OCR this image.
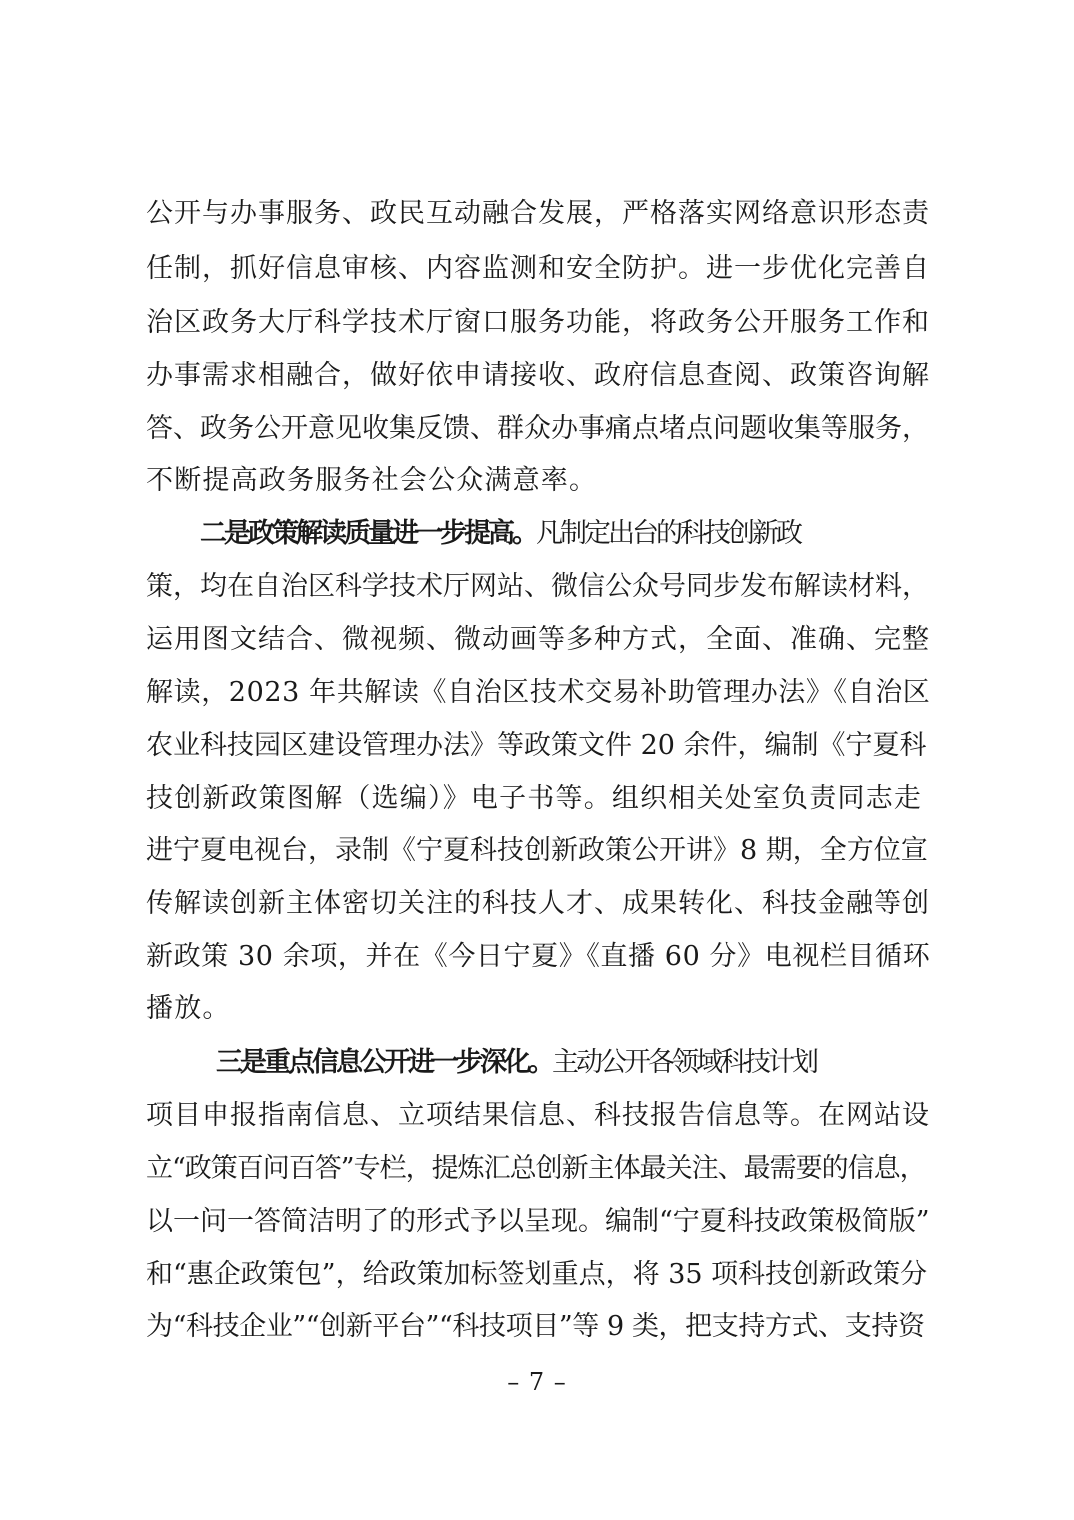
公开与办事服务、政民互动融合发展，严格落实网络意识形态责
任制，抓好信息审核、内容监测和安全防护。进一步优化完善自
治区政务大厅科学技术厅窗口服务功能，将政务公开服务工作和
办事需求相融合，做好依申请接收、政府信息查阅、政策咨询解
答、政务公开意见收集反馈、群众办事痛点堵点问题收集等服务，
不断提高政务服务社会公众满意率。
二是政策解读质量进一步提高。凡制定出台的科技创新政
策，均在自治区科学技术厅网站、微信公众号同步发布解读材料，
运用图文结合、微视频、微动画等多种方式，全面、准确、完整
解读，2023 年共解读《自治区技术交易补助管理办法》《自治区
农业科技园区建设管理办法》等政策文件 20 余件，编制《宁夏科
技创新政策图解（选编）》电子书等。组织相关处室负责同志走
进宁夏电视台，录制《宁夏科技创新政策公开讲》8 期，全方位宣
传解读创新主体密切关注的科技人才、成果转化、科技金融等创
新政策 30 余项，并在《今日宁夏》《直播 60 分》电视栏目循环
播放。
三是重点信息公开进一步深化。主动公开各领域科技计划
项目申报指南信息、立项结果信息、科技报告信息等。在网站设
立“政策百问百答”专栏，提炼汇总创新主体最关注、最需要的信息，
以一问一答简洁明了的形式予以呈现。编制“宁夏科技政策极简版”
和“惠企政策包”，给政策加标签划重点，将 35 项科技创新政策分
为“科技企业”“创新平台”“科技项目”等 9 类，把支持方式、支持资
– 7 –
